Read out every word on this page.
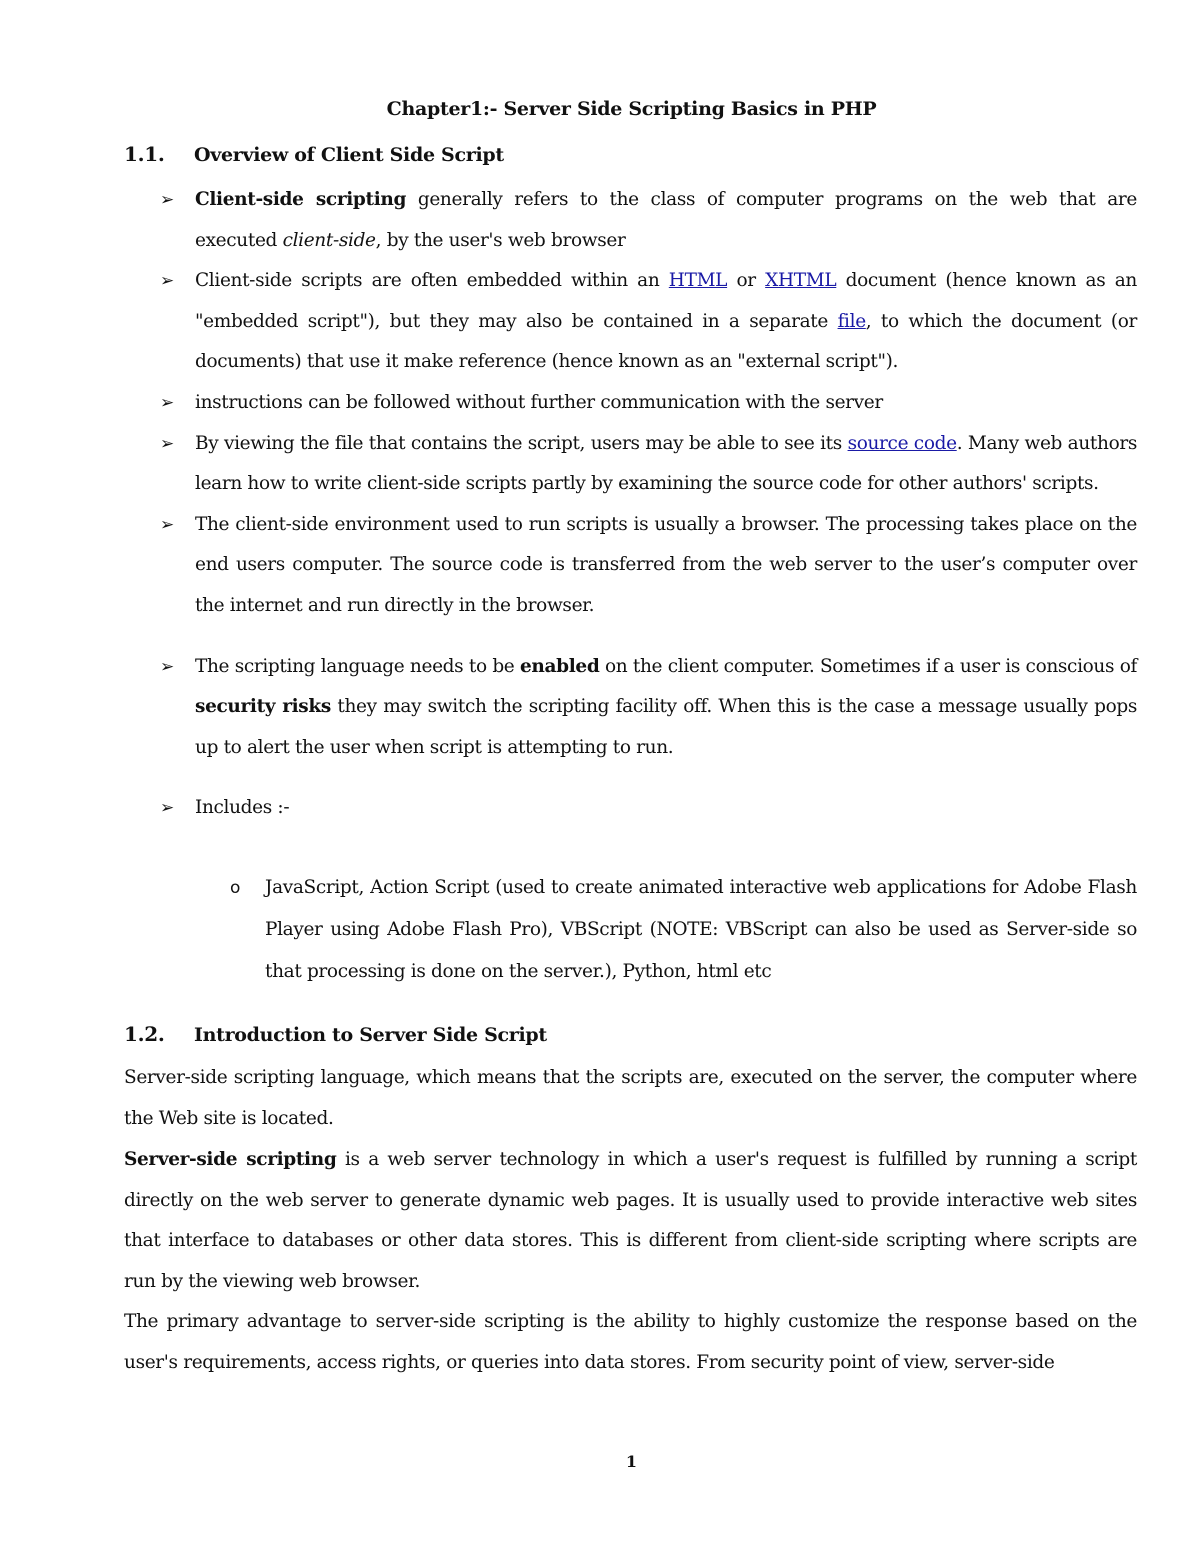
Chapter1:- Server Side Scripting Basics in PHP
1.1. Overview of Client Side Script
➢ Client-side scripting generally refers to the class of computer programs on the web that are executed client-side, by the user's web browser
➢ Client-side scripts are often embedded within an HTML or XHTML document (hence known as an "embedded script"), but they may also be contained in a separate file, to which the document (or documents) that use it make reference (hence known as an "external script").
➢ instructions can be followed without further communication with the server
➢ By viewing the file that contains the script, users may be able to see its source code. Many web authors learn how to write client-side scripts partly by examining the source code for other authors' scripts.
➢ The client-side environment used to run scripts is usually a browser. The processing takes place on the end users computer. The source code is transferred from the web server to the user’s computer over the internet and run directly in the browser.
➢ The scripting language needs to be enabled on the client computer. Sometimes if a user is conscious of security risks they may switch the scripting facility off. When this is the case a message usually pops up to alert the user when script is attempting to run.
➢ Includes :-
o JavaScript, Action Script (used to create animated interactive web applications for Adobe Flash Player using Adobe Flash Pro), VBScript (NOTE: VBScript can also be used as Server-side so that processing is done on the server.), Python, html etc
1.2. Introduction to Server Side Script

Server-side scripting language, which means that the scripts are, executed on the server, the computer where the Web site is located.

Server-side scripting is a web server technology in which a user's request is fulfilled by running a script directly on the web server to generate dynamic web pages. It is usually used to provide interactive web sites that interface to databases or other data stores. This is different from client-side scripting where scripts are run by the viewing web browser.

The primary advantage to server-side scripting is the ability to highly customize the response based on the user's requirements, access rights, or queries into data stores. From security point of view, server-side

1
